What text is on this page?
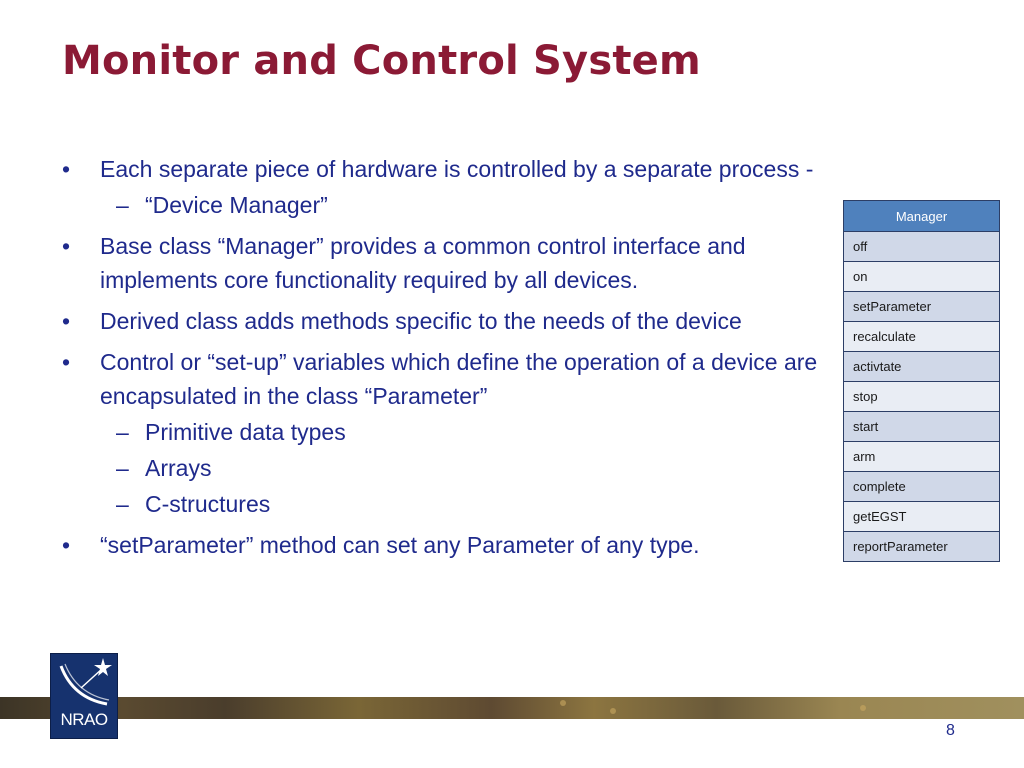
Monitor and Control System
• Each separate piece of hardware is controlled by a separate process -
– “Device Manager”
• Base class “Manager” provides a common control interface and implements core functionality required by all devices.
• Derived class adds methods specific to the needs of the device
• Control or “set-up” variables which define the operation of a device are encapsulated in the class “Parameter”
– Primitive data types
– Arrays
– C-structures
• “setParameter” method can set any Parameter of any type.
Manager
off
on
setParameter
recalculate
activtate
stop
start
arm
complete
getEGST
reportParameter
NRAO
8
